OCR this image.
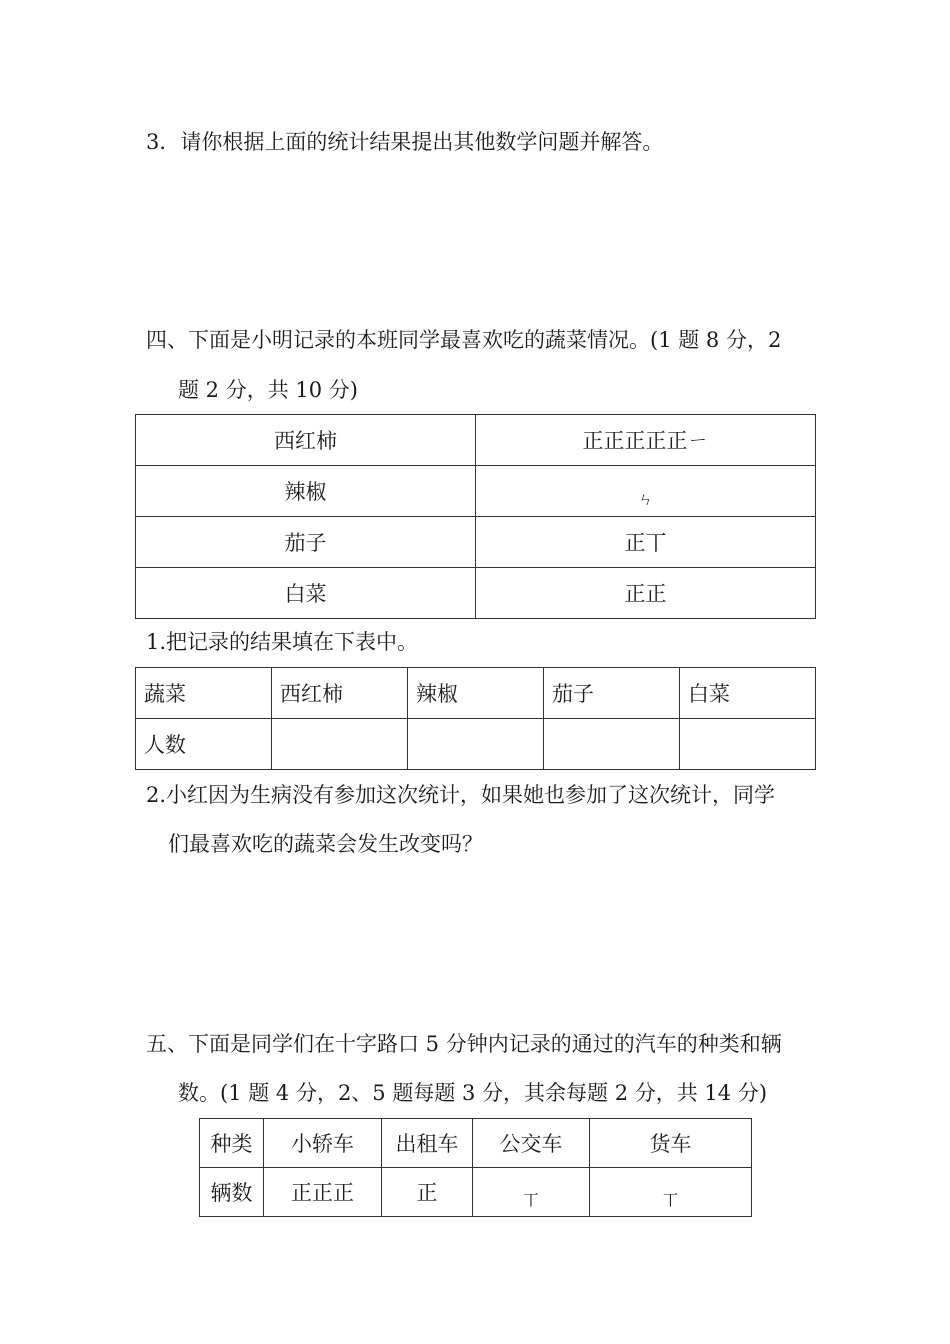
3．请你根据上面的统计结果提出其他数学问题并解答。
四、下面是小明记录的本班同学最喜欢吃的蔬菜情况。(1 题 8 分，2
题 2 分，共 10 分)
西红柿	正正正正正ㄧ
辣椒	$_ㄣ$
茄子	正丅
白菜	正正
1.把记录的结果填在下表中。
蔬菜	西红柿	辣椒	茄子	白菜
人数				
2.小红因为生病没有参加这次统计，如果她也参加了这次统计，同学
们最喜欢吃的蔬菜会发生改变吗？
五、下面是同学们在十字路口 5 分钟内记录的通过的汽车的种类和辆
数。(1 题 4 分，2、5 题每题 3 分，其余每题 2 分，共 14 分)
种类	小轿车	出租车	公交车	货车
辆数	正正正	正	$_丅$	$_丅$
